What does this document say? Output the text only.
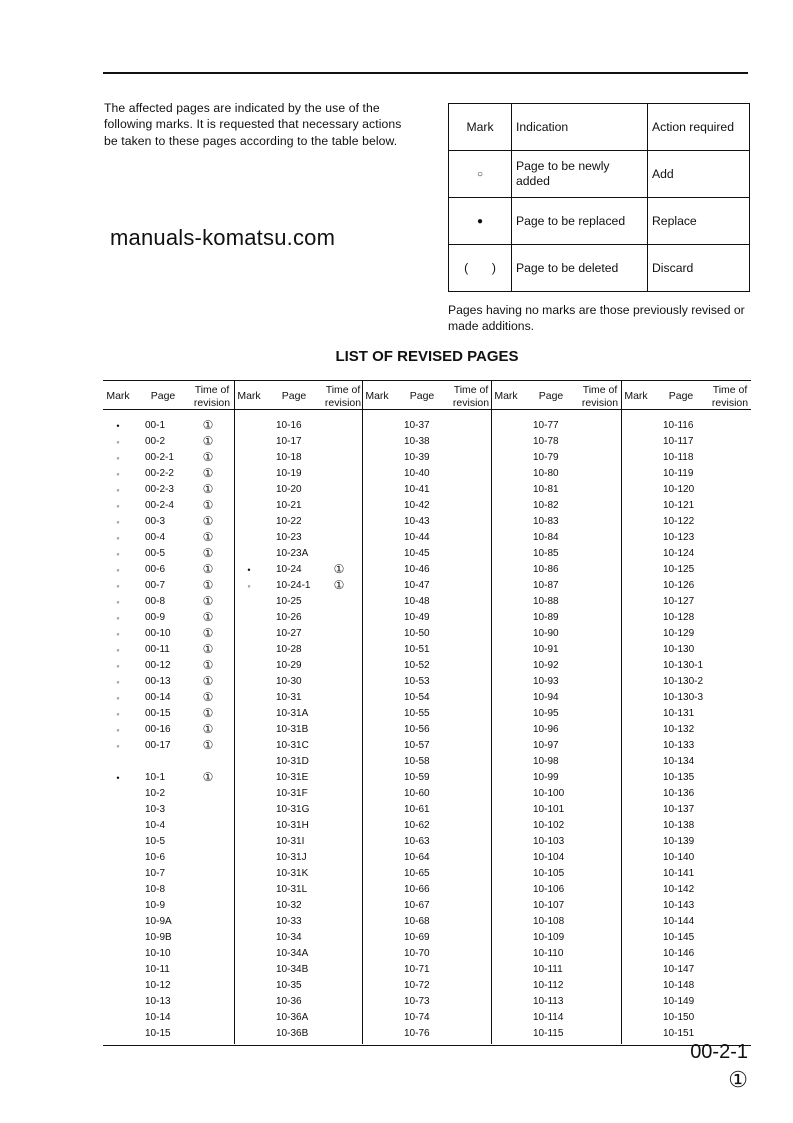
The affected pages are indicated by the use of the following marks. It is requested that necessary actions be taken to these pages according to the table below.
Mark	Indication	Action required
○	Page to be newly added	Add
●	Page to be replaced	Replace
(       )	Page to be deleted	Discard
Pages having no marks are those previously revised or made additions.
LIST OF REVISED PAGES
Mark	Page	Time of revision
•	00-1	①
◦	00-2	①
◦	00-2-1	①
◦	00-2-2	①
◦	00-2-3	①
◦	00-2-4	①
◦	00-3	①
◦	00-4	①
◦	00-5	①
◦	00-6	①
◦	00-7	①
◦	00-8	①
◦	00-9	①
◦	00-10	①
◦	00-11	①
◦	00-12	①
◦	00-13	①
◦	00-14	①
◦	00-15	①
◦	00-16	①
◦	00-17	①
•	10-1	①
10-2
10-3
10-4
10-5
10-6
10-7
10-8
10-9
10-9A
10-9B
10-10
10-11
10-12
10-13
10-14
10-15
Mark	Page	Time of revision
10-16
10-17
10-18
10-19
10-20
10-21
10-22
10-23
10-23A
•	10-24	①
◦	10-24-1	①
10-25
10-26
10-27
10-28
10-29
10-30
10-31
10-31A
10-31B
10-31C
10-31D
10-31E
10-31F
10-31G
10-31H
10-31I
10-31J
10-31K
10-31L
10-32
10-33
10-34
10-34A
10-34B
10-35
10-36
10-36A
10-36B
Mark	Page	Time of revision
10-37
10-38
10-39
10-40
10-41
10-42
10-43
10-44
10-45
10-46
10-47
10-48
10-49
10-50
10-51
10-52
10-53
10-54
10-55
10-56
10-57
10-58
10-59
10-60
10-61
10-62
10-63
10-64
10-65
10-66
10-67
10-68
10-69
10-70
10-71
10-72
10-73
10-74
10-76
Mark	Page	Time of revision
10-77
10-78
10-79
10-80
10-81
10-82
10-83
10-84
10-85
10-86
10-87
10-88
10-89
10-90
10-91
10-92
10-93
10-94
10-95
10-96
10-97
10-98
10-99
10-100
10-101
10-102
10-103
10-104
10-105
10-106
10-107
10-108
10-109
10-110
10-111
10-112
10-113
10-114
10-115
Mark	Page	Time of revision
10-116
10-117
10-118
10-119
10-120
10-121
10-122
10-123
10-124
10-125
10-126
10-127
10-128
10-129
10-130
10-130-1
10-130-2
10-130-3
10-131
10-132
10-133
10-134
10-135
10-136
10-137
10-138
10-139
10-140
10-141
10-142
10-143
10-144
10-145
10-146
10-147
10-148
10-149
10-150
10-151
manuals-komatsu.com
00-2-1
①
